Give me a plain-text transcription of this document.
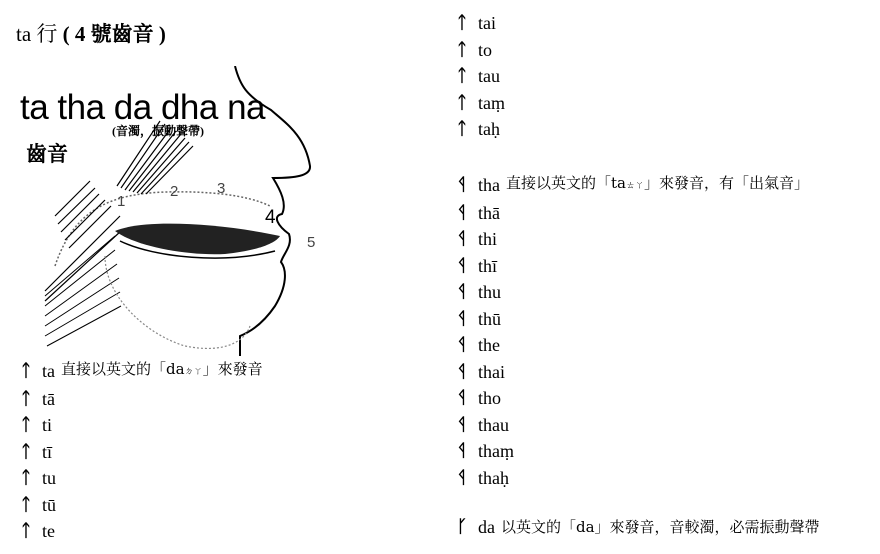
ta 行 ( 4 號齒音 )
1
2	3
4
5
ta tha da dha na
(音濁，振動聲帶)
齒音
ᛏ ta 直接以英文的「daㄉㄚ」來發音
ᛏ tā
ᛏ ti
ᛏ tī
ᛏ tu
ᛏ tū
ᛏ te
ᛏ tai
ᛏ to
ᛏ tau
ᛏ taṃ
ᛏ taḥ
ᛩ tha 直接以英文的「taㄊㄚ」來發音，有「出氣音」
ᛩ thā
ᛩ thi
ᛩ thī
ᛩ thu
ᛩ thū
ᛩ the
ᛩ thai
ᛩ tho
ᛩ thau
ᛩ thaṃ
ᛩ thaḥ
ᚴ da 以英文的「da」來發音，音較濁，必需振動聲帶
